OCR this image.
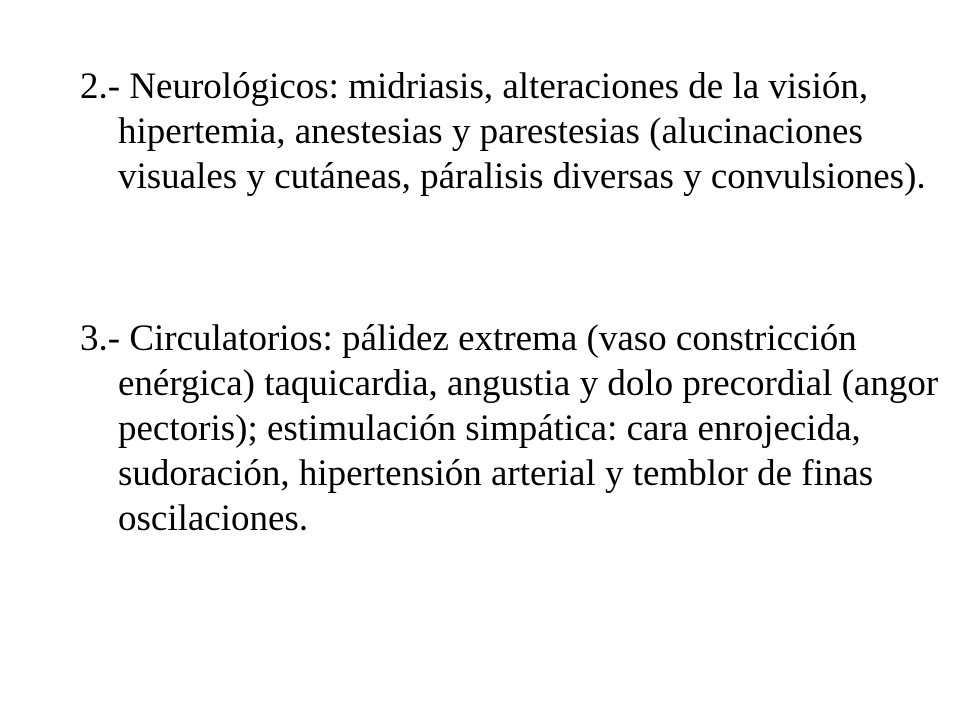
2.- Neurológicos: midriasis, alteraciones de la visión, hipertemia, anestesias y parestesias (alucinaciones visuales y cutáneas, páralisis diversas y convulsiones).

3.- Circulatorios: pálidez extrema (vaso constricción enérgica) taquicardia, angustia y dolo precordial (angor pectoris); estimulación simpática: cara enrojecida, sudoración, hipertensión arterial y temblor de finas oscilaciones.
